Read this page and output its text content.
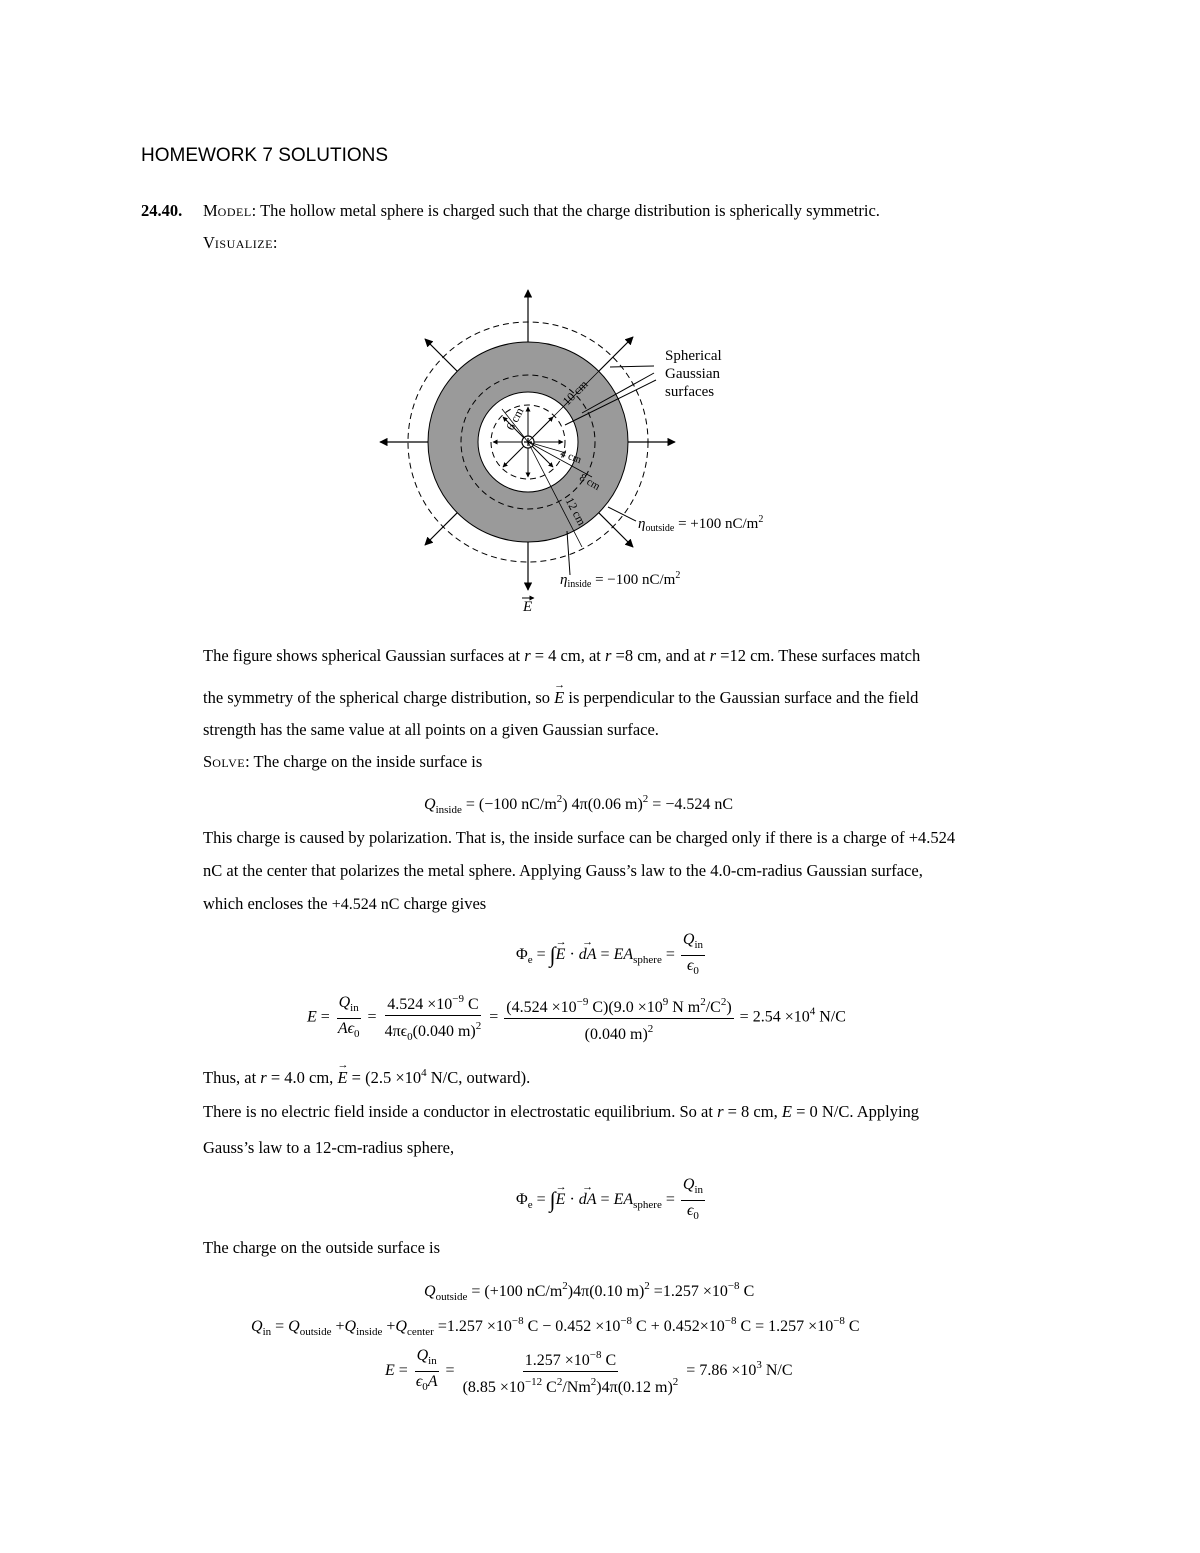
HOMEWORK 7 SOLUTIONS
24.40. MODEL: The hollow metal sphere is charged such that the charge distribution is spherically symmetric.
VISUALIZE:
10 cm
6 cm
4 cm
8 cm
12 cm
Spherical
Gaussian
surfaces
$\eta_{outside} = +100$ $nC/m^2$
$\eta_{inside} = -100$ $nC/m^2$
E
The figure shows spherical Gaussian surfaces at r = 4 cm, at r =8 cm, and at r =12 cm. These surfaces match
the symmetry of the spherical charge distribution, so → E is perpendicular to the Gaussian surface and the field
strength has the same value at all points on a given Gaussian surface.
SOLVE: The charge on the inside surface is
$Q_{inside} = (-100$ $nC/m^2$) 4π(0.06 m)$^2$ = −4.524 nC
This charge is caused by polarization. That is, the inside surface can be charged only if there is a charge of +4.524
nC at the center that polarizes the metal sphere. Applying Gauss’s law to the 4.0-cm-radius Gaussian surface,
which encloses the +4.524 nC charge gives
$\Phi_e$ = ∫→ E · → dA = $EA_{sphere} = \frac{Q_{in}}{\epsilon_0}$
$E = \frac{Q_{in}}{A\epsilon_0} = \frac{4.524 \times 10^{-9} C}{4\pi\epsilon_0(0.040 m)^2} = \frac{(4.524 \times 10^{-9} C)(9.0 \times 10^9 N m^2/C^2)}{(0.040 m)^2} = 2.54 \times 10^4$ N/C
Thus, at r = 4.0 cm, → $E = (2.5 \times 10^4$ N/C, outward).
There is no electric field inside a conductor in electrostatic equilibrium. So at r = 8 cm, E = 0 N/C. Applying
Gauss’s law to a 12-cm-radius sphere,
$\Phi_e$ = ∫→ E · → dA = $EA_{sphere} = \frac{Q_{in}}{\epsilon_0}$
The charge on the outside surface is
$Q_{outside} = (+100$ $nC/m^2)4\pi(0.10$ $m)^2 =1.257 \times 10^{-8}$ C
$Q_{in} = Q_{outside} +Q_{inside} +Q_{center} =1.257 \times 10^{-8}$ $C - 0.452 \times 10^{-8}$ $C + 0.452\times 10^{-8}$ $C = 1.257 \times 10^{-8}$ C
$E = \frac{Q_{in}}{\epsilon_0A} = \frac{1.257 \times 10^{-8} C}{(8.85 \times 10^{-12} C^2/Nm^2)4\pi(0.12 m)^2} = 7.86 \times 10^3$ N/C
